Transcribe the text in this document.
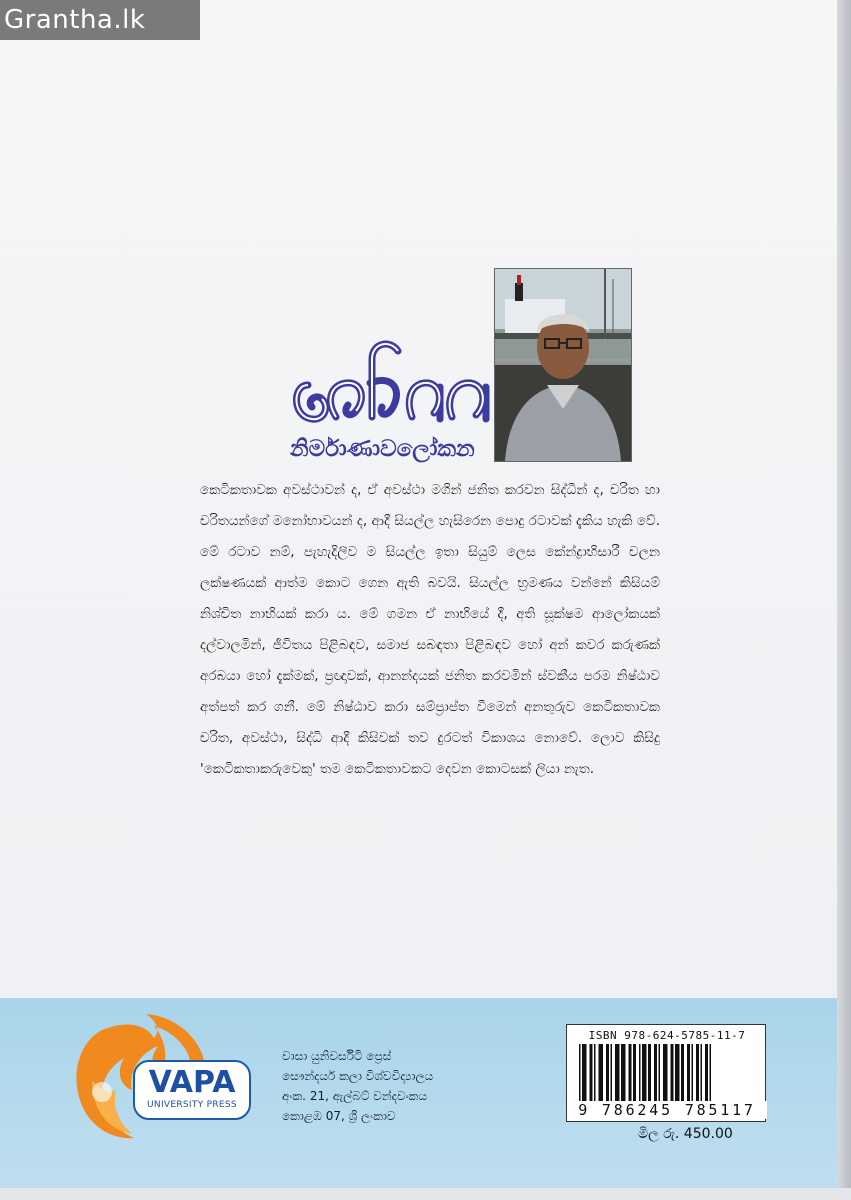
Grantha.lk
නිර්මාණාවලෝකන
කෙටිකතාවක අවස්ථාවන් ද, ඒ අවස්ථා මගින් ජනිත කරවන සිද්ධීන් ද, චරිත හා චරිතයන්ගේ මනෝභාවයන් ද, ආදී සියල්ල හැසිරෙන පොදු රටාවක් දැකිය හැකි වේ. මේ රටාව නම්, පැහැදිලිව ම සියල්ල ඉතා සියුම් ලෙස කේන්ද්‍රාභිසාරී චලන ලක්ෂණයක් ආත්ම කොට ගෙන ඇති බවයි. සියල්ල භ්‍රමණය වන්නේ කිසියම් නිශ්චිත නාභියක් කරා ය. මේ ගමන ඒ නාභියේ දී, අති සූක්ෂම ආලෝකයක් දල්වාලමින්, ජීවිතය පිළිබඳව, සමාජ සබඳතා පිළිබඳව හෝ අන් කවර කරුණක් අරබයා හෝ දැක්මක්, ප්‍රඥාවක්, ආනන්දයක් ජනිත කරවමින් ස්වකීය පරම නිෂ්ඨාව අත්පත් කර ගනී. මේ නිෂ්ඨාව කරා සම්ප්‍රාප්ත වීමෙන් අනතුරුව කෙටිකතාවක චරිත, අවස්ථා, සිද්ධි ආදී කිසිවක් තව දුරටත් විකාශය නොවේ. ලොව කිසිදු 'කෙටිකතාකරුවෙකු' තම කෙටිකතාවකට දෙවන කොටසක් ලියා නැත.
VAPA
UNIVERSITY PRESS
වාසා යුනිවර්සිටි ප්‍රෙස්
සෞන්දර්ය කලා විශ්වවිද්‍යාලය
අංක. 21, ඇල්බට් වන්දවංකය
කොළඹ 07, ශ්‍රී ලංකාව
ISBN 978-624-5785-11-7
9 786245 785117
මිල රු. 450.00
